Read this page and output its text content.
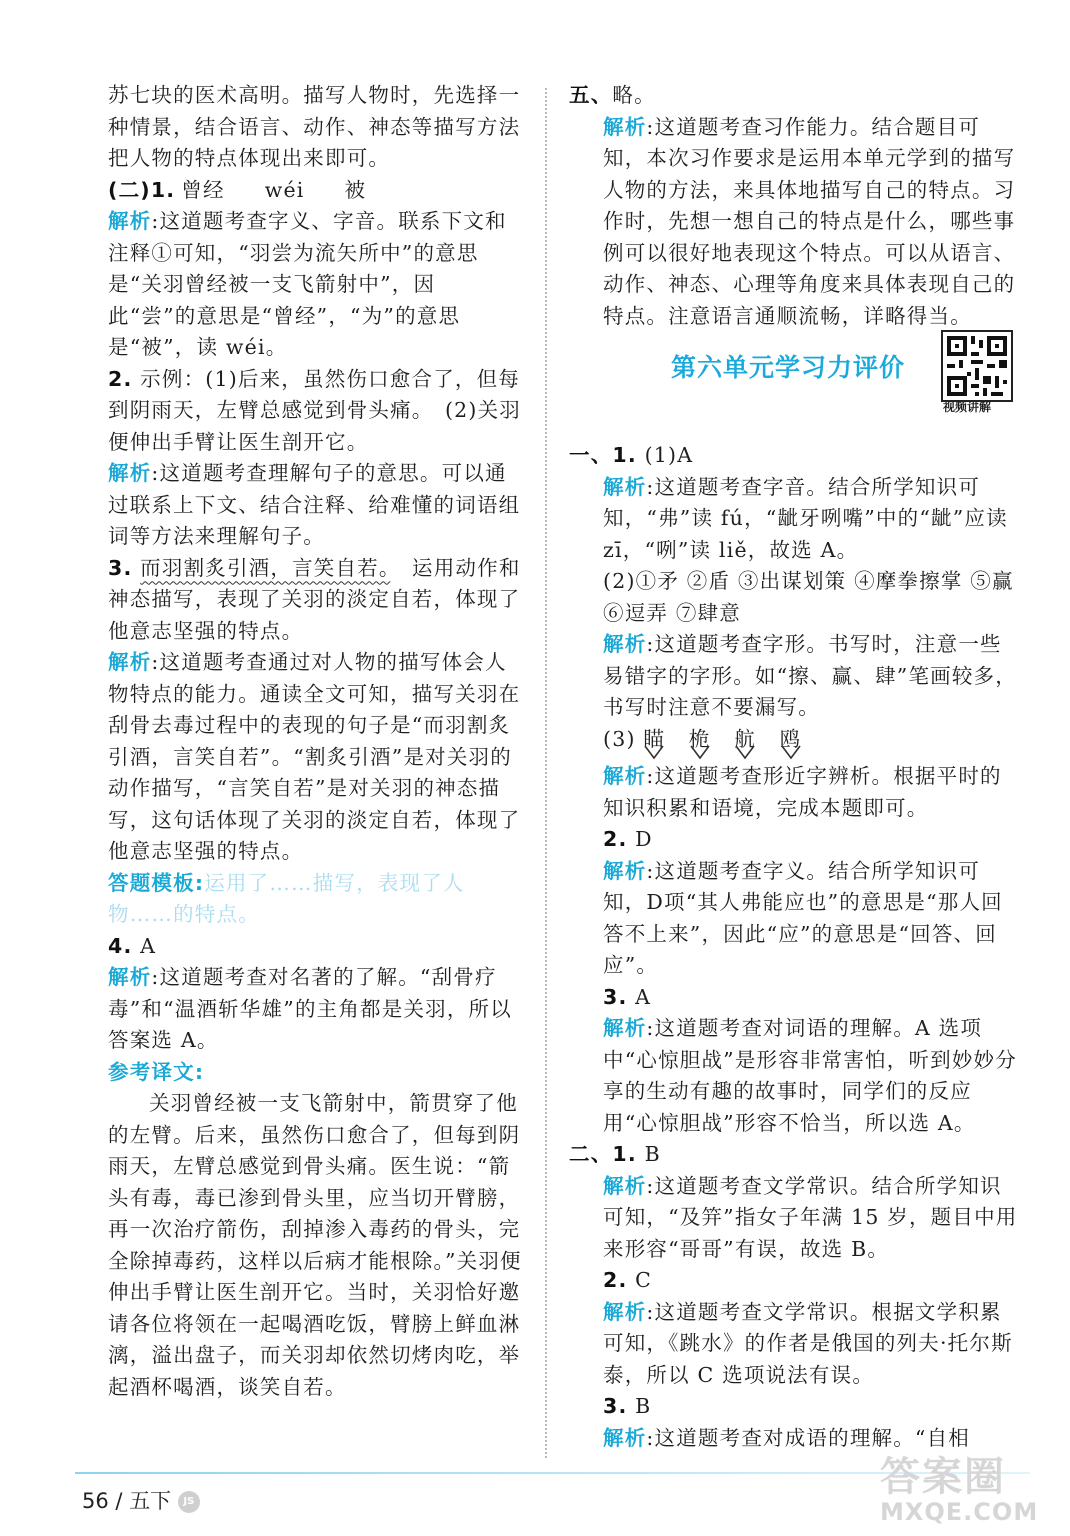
苏七块的医术高明。描写人物时，先选择一种情景，结合语言、动作、神态等描写方法把人物的特点体现出来即可。

(二)1. 曾经 wéi 被

解析:这道题考查字义、字音。联系下文和注释①可知，“羽尝为流矢所中”的意思是“关羽曾经被一支飞箭射中”，因此“尝”的意思是“曾经”，“为”的意思是“被”，读 wéi。

2. 示例：(1)后来，虽然伤口愈合了，但每到阴雨天，左臂总感觉到骨头痛。　 (2)关羽便伸出手臂让医生剖开它。

解析:这道题考查理解句子的意思。可以通过联系上下文、结合注释、给难懂的词语组词等方法来理解句子。

3. 而羽割炙引酒，言笑自若。　 运用动作和神态描写，表现了关羽的淡定自若，体现了他意志坚强的特点。

解析:这道题考查通过对人物的描写体会人物特点的能力。通读全文可知，描写关羽在刮骨去毒过程中的表现的句子是“而羽割炙引酒，言笑自若”。“割炙引酒”是对关羽的动作描写，“言笑自若”是对关羽的神态描写，这句话体现了关羽的淡定自若，体现了他意志坚强的特点。

答题模板:运用了……描写，表现了人物……的特点。

4. A

解析:这道题考查对名著的了解。“刮骨疗毒”和“温酒斩华雄”的主角都是关羽，所以答案选 A。

参考译文:

关羽曾经被一支飞箭射中，箭贯穿了他的左臂。后来，虽然伤口愈合了，但每到阴雨天，左臂总感觉到骨头痛。医生说：“箭头有毒，毒已渗到骨头里，应当切开臂膀，再一次治疗箭伤，刮掉渗入毒药的骨头，完全除掉毒药，这样以后病才能根除。”关羽便伸出手臂让医生剖开它。当时，关羽恰好邀请各位将领在一起喝酒吃饭，臂膀上鲜血淋漓，溢出盘子，而关羽却依然切烤肉吃，举起酒杯喝酒，谈笑自若。

五、略。

解析:这道题考查习作能力。结合题目可知，本次习作要求是运用本单元学到的描写人物的方法，来具体地描写自己的特点。习作时，先想一想自己的特点是什么，哪些事例可以很好地表现这个特点。可以从语言、动作、神态、心理等角度来具体表现自己的特点。注意语言通顺流畅，详略得当。

第六单元学习力评价
视频讲解

一、1. (1)A

解析:这道题考查字音。结合所学知识可知，“弗”读 fú，“龇牙咧嘴”中的“龇”应读 zī，“咧”读 liě，故选 A。

(2)①矛 ②盾 ③出谋划策 ④摩拳擦掌 ⑤赢 ⑥逗弄 ⑦肆意

解析:这道题考查字形。书写时，注意一些易错字的字形。如“擦、赢、肆”笔画较多，书写时注意不要漏写。

(3) 瞄 桅 航 鸥

解析:这道题考查形近字辨析。根据平时的知识积累和语境，完成本题即可。

2. D

解析:这道题考查字义。结合所学知识可知，D项“其人弗能应也”的意思是“那人回答不上来”，因此“应”的意思是“回答、回应”。

3. A

解析:这道题考查对词语的理解。A 选项中“心惊胆战”是形容非常害怕，听到妙妙分享的生动有趣的故事时，同学们的反应用“心惊胆战”形容不恰当，所以选 A。

二、1. B

解析:这道题考查文学常识。结合所学知识可知，“及笄”指女子年满 15 岁，题目中用来形容“哥哥”有误，故选 B。

2. C

解析:这道题考查文学常识。根据文学积累可知，《跳水》的作者是俄国的列夫·托尔斯泰，所以 C 选项说法有误。

3. B

解析:这道题考查对成语的理解。“自相

56 / 五下 JS
答案圈
MXQE.COM
